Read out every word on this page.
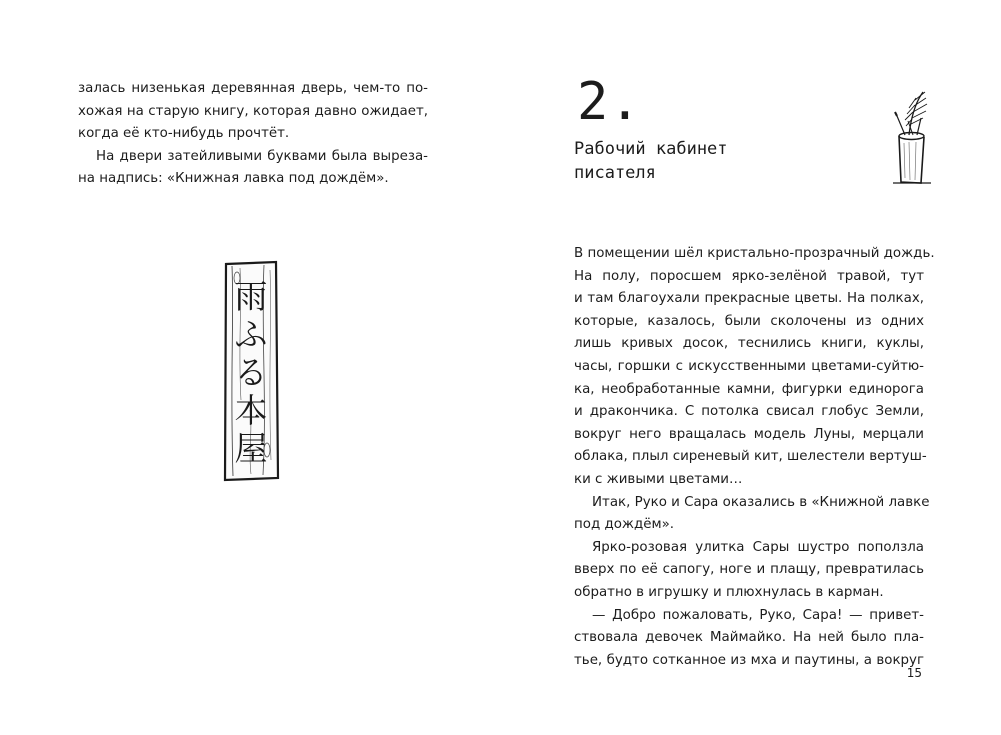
залась низенькая деревянная дверь, чем-то по-

хожая на старую книгу, которая давно ожидает,

когда её кто-нибудь прочтёт.

На двери затейливыми буквами была выреза-

на надпись: «Книжная лавка под дождём».

雨ふる本屋
2.
Рабочий кабинет
писателя

В помещении шёл кристально-прозрачный дождь.

На полу, поросшем ярко-зелёной травой, тут

и там благоухали прекрасные цветы. На полках,

которые, казалось, были сколочены из одних

лишь кривых досок, теснились книги, куклы,

часы, горшки с искусственными цветами-суйтю-

ка, необработанные камни, фигурки единорога

и дракончика. С потолка свисал глобус Земли,

вокруг него вращалась модель Луны, мерцали

облака, плыл сиреневый кит, шелестели вертуш-

ки с живыми цветами…

Итак, Руко и Сара оказались в «Книжной лавке

под дождём».

Ярко-розовая улитка Сары шустро поползла

вверх по её сапогу, ноге и плащу, превратилась

обратно в игрушку и плюхнулась в карман.

— Добро пожаловать, Руко, Сара! — привет-

ствовала девочек Маймайко. На ней было пла-

тье, будто сотканное из мха и паутины, а вокруг

15
